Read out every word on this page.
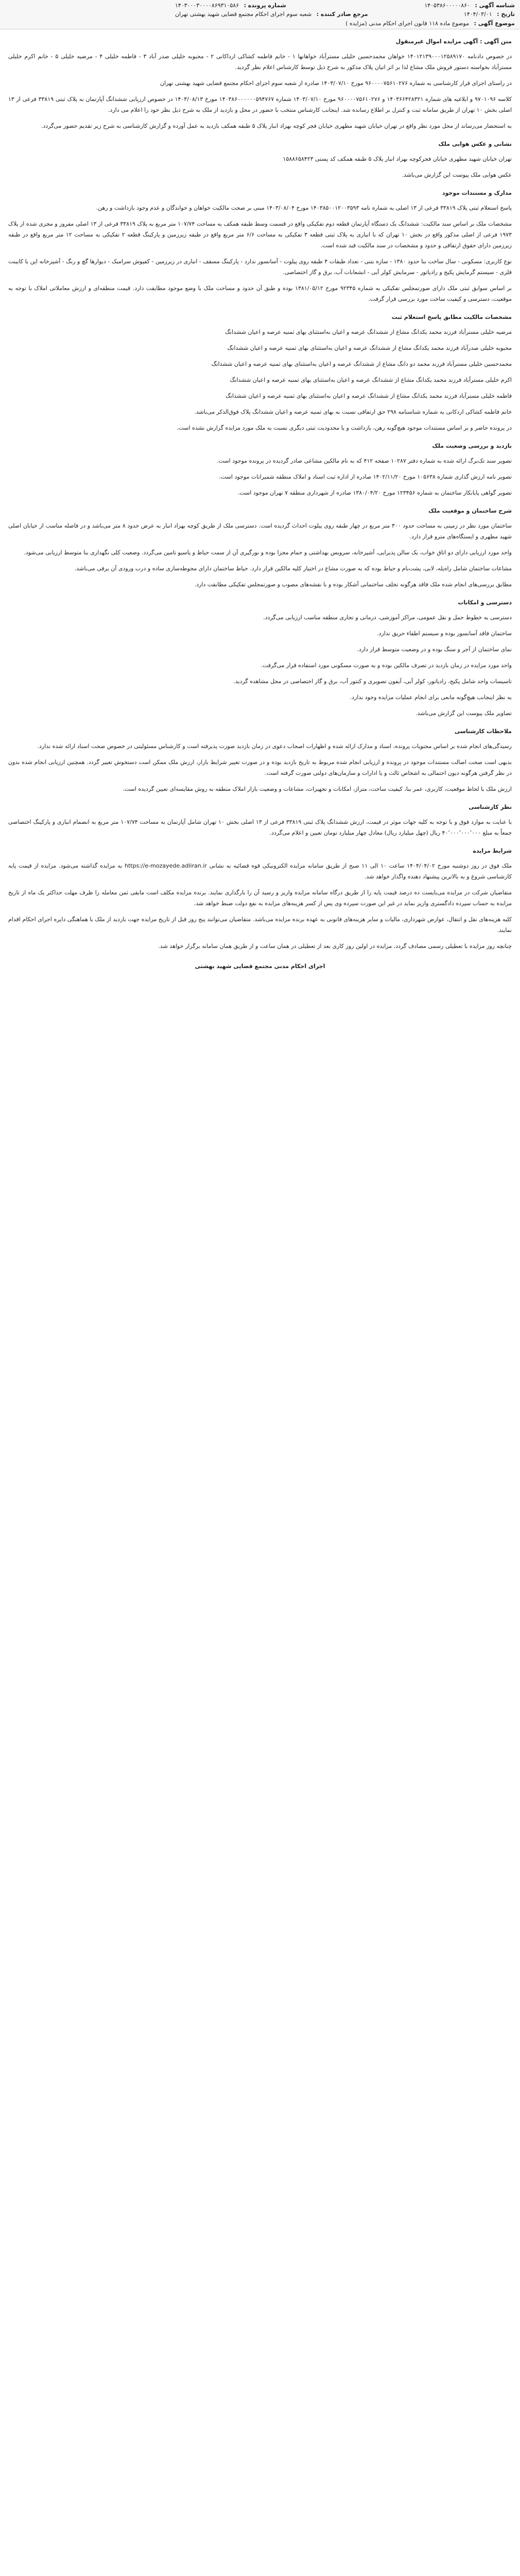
شناسه آگهی : ۱۴۰۵۳۸۶۰۰۰۰۰۸۶۰
شماره پرونده : ۱۴۰۳۰۰۰۳۰۰۰۰۸۶۹۳۱۰۵۸۶
تاریخ : ۱۴۰۴/۰۳/۰۱
مرجع صادر کننده : شعبه سوم اجرای احکام مجتمع قضایی شهید بهشتی تهران
موضوع آگهی : موضوع ماده ۱۱۸ قانون اجرای احکام مدنی (مزایده )
متن آگهی : آگهی مزایده اموال غیرمنقول

در خصوص دادنامه ۱۴۰۱۲۱۳۹۰۰۰۱۲۵۸۹۱۷۰ خواهان محمدحسین خلیلی مسترآباد خواهانها ۱ - خانم فاطمه کشاکی ارداکانی ۲ - محبوبه خلیلی صدر آباد ۳ - فاطمه خلیلی ۴ - مرضیه خلیلی ۵ - خانم اکرم خلیلی مسترآباد بخواسته دستور فروش ملک مشاع لذا بر اثر اتیان پلاک مذکور به شرح ذیل توسط کارشناس اعلام نظر گردید.

در راستای اجرای قرار کارشناسی به شماره ۹۶۰۰۰۰۷۵۶۱۰۲۷۶ مورخ ۱۴۰۳/۰۷/۱۰ صادره از شعبه سوم اجرای احکام مجتمع قضایی شهید بهشتی تهران

کلاسه ۹۷۰۱۰۹۶ و ابلاغیه های شماره ۱۴۰۳۶۶۴۲۸۳۲۱ و ۹۶۰۰۰۰۷۵۶۱۰۲۷۶ مورخ ۱۴۰۳/۰۷/۱۰ شماره ۱۴۰۳۸۶۰۰۰۰۰۰۵۹۴۷۶۷ مورخ ۱۴۰۳/۰۸/۱۳ در خصوص ارزیابی ششدانگ آپارتمان به پلاک ثبتی ۳۳۸۱۹ فرعی از ۱۳ اصلی بخش ۱۰ تهران از طریق سامانه ثبت و کنترل بر اطلاع رسانده شد. اینجانب کارشناس منتخب با حضور در محل و بازدید از ملک به شرح ذیل نظر خود را اعلام می دارد.

به استحضار می‌رساند از محل مورد نظر واقع در تهران خیابان شهید مطهری خیابان فجر کوچه بهزاد انبار پلاک ۵ طبقه همکف بازدید به عمل آورده و گزارش کارشناسی به شرح زیر تقدیم حضور می‌گردد.

نشانی و عکس هوایی ملک

تهران خیابان شهید مطهری خیابان فجرکوچه بهزاد انبار پلاک ۵ طبقه همکف کد پستی ۱۵۸۸۶۵۸۴۲۳

عکس هوایی ملک پیوست این گزارش می‌باشد.

مدارک و مستندات موجود

پاسخ استعلام ثبتی پلاک ۳۳۸۱۹ فرعی از ۱۳ اصلی به شماره نامه ۱۴۰۳۸۵۰۰۱۲۰۰۳۵۹۳ مورخ ۱۴۰۳/۰۸/۰۴ مبنی بر صحت مالکیت خواهان و خواندگان و عدم وجود بازداشت و رهن.

مشخصات ملک بر اساس سند مالکیت: ششدانگ یک دستگاه آپارتمان قطعه دوم تفکیکی واقع در قسمت وسط طبقه همکف به مساحت ۱۰۷/۷۴ متر مربع به پلاک ۳۳۸۱۹ فرعی از ۱۳ اصلی مفروز و مجزی شده از پلاک ۱۹۷۳ فرعی از اصلی مذکور واقع در بخش ۱۰ تهران که با انباری به پلاک ثبتی قطعه ۳ تفکیکی به مساحت ۶/۶ متر مربع واقع در طبقه زیرزمین و پارکینگ قطعه ۲ تفکیکی به مساحت ۱۲ متر مربع واقع در طبقه زیرزمین دارای حقوق ارتفاقی و حدود و مشخصات در سند مالکیت قید شده است.

نوع کاربری: مسکونی - سال ساخت بنا حدود ۱۳۸۰ - سازه بتنی - تعداد طبقات ۴ طبقه روی پیلوت - آسانسور ندارد - پارکینگ مسقف - انباری در زیرزمین - کفپوش سرامیک - دیوارها گچ و رنگ - آشپزخانه اپن با کابینت فلزی - سیستم گرمایش پکیج و رادیاتور - سرمایش کولر آبی - انشعابات آب، برق و گاز اختصاصی.

بر اساس سوابق ثبتی ملک دارای صورتمجلس تفکیکی به شماره ۹۲۳۴۵ مورخ ۱۳۸۱/۰۵/۱۲ بوده و طبق آن حدود و مساحت ملک با وضع موجود مطابقت دارد. قیمت منطقه‌ای و ارزش معاملاتی املاک با توجه به موقعیت، دسترسی و کیفیت ساخت مورد بررسی قرار گرفت.

مشخصات مالکیت مطابق پاسخ استعلام ثبت

مرضیه خلیلی مسترآباد فرزند محمد یکدانگ مشاع از ششدانگ عرصه و اعیان به‌استثنای بهای ثمنیه عرصه و اعیان ششدانگ

محبوبه خلیلی صدرآباد فرزند محمد یکدانگ مشاع از ششدانگ عرصه و اعیان به‌استثنای بهای ثمنیه عرصه و اعیان ششدانگ

محمدحسین خلیلی مسترآباد فرزند محمد دو دانگ مشاع از ششدانگ عرصه و اعیان به‌استثنای بهای ثمنیه عرصه و اعیان ششدانگ

اکرم خلیلی مسترآباد فرزند محمد یکدانگ مشاع از ششدانگ عرصه و اعیان به‌استثنای بهای ثمنیه عرصه و اعیان ششدانگ

فاطمه خلیلی مسترآباد فرزند محمد یکدانگ مشاع از ششدانگ عرصه و اعیان به‌استثنای بهای ثمنیه عرصه و اعیان ششدانگ

خانم فاطمه کشاکی اردکانی به شماره شناسنامه ۲۹۸ حق ارتفاقی نسبت به بهای ثمنیه عرصه و اعیان ششدانگ پلاک فوق‌الذکر می‌باشد.

در پرونده حاضر و بر اساس مستندات موجود هیچ‌گونه رهن، بازداشت و یا محدودیت ثبتی دیگری نسبت به ملک مورد مزایده گزارش نشده است.

بازدید و بررسی وضعیت ملک

تصویر سند تک‌برگ ارائه شده به شماره دفتر ۱۰۲۸۷ صفحه ۴۱۲ که به نام مالکین مشاعی صادر گردیده در پرونده موجود است.

تصویر نامه ارزش گذاری شماره ۱۰۵۶۳۸ مورخ ۱۴۰۲/۱۱/۲۰ صادره از اداره ثبت اسناد و املاک منطقه شمیرانات موجود است.

تصویر گواهی پایانکار ساختمان به شماره ۱۲۳۴۵۶ مورخ ۱۳۸۰/۰۴/۲۰ صادره از شهرداری منطقه ۷ تهران موجود است.

شرح ساختمان و موقعیت ملک

ساختمان مورد نظر در زمینی به مساحت حدود ۳۰۰ متر مربع در چهار طبقه روی پیلوت احداث گردیده است. دسترسی ملک از طریق کوچه بهزاد انبار به عرض حدود ۸ متر می‌باشد و در فاصله مناسب از خیابان اصلی شهید مطهری و ایستگاه‌های مترو قرار دارد.

واحد مورد ارزیابی دارای دو اتاق خواب، یک سالن پذیرایی، آشپزخانه، سرویس بهداشتی و حمام مجزا بوده و نورگیری آن از سمت حیاط و پاسیو تامین می‌گردد. وضعیت کلی نگهداری بنا متوسط ارزیابی می‌شود.

مشاعات ساختمان شامل راه‌پله، لابی، پشت‌بام و حیاط بوده که به صورت مشاع در اختیار کلیه مالکین قرار دارد. حیاط ساختمان دارای محوطه‌سازی ساده و درب ورودی آن برقی می‌باشد.

مطابق بررسی‌های انجام شده ملک فاقد هرگونه تخلف ساختمانی آشکار بوده و با نقشه‌های مصوب و صورتمجلس تفکیکی مطابقت دارد.

دسترسی و امکانات

دسترسی به خطوط حمل و نقل عمومی، مراکز آموزشی، درمانی و تجاری منطقه مناسب ارزیابی می‌گردد.

ساختمان فاقد آسانسور بوده و سیستم اطفاء حریق ندارد.

نمای ساختمان از آجر و سنگ بوده و در وضعیت متوسط قرار دارد.

واحد مورد مزایده در زمان بازدید در تصرف مالکین بوده و به صورت مسکونی مورد استفاده قرار می‌گرفت.

تاسیسات واحد شامل پکیج، رادیاتور، کولر آبی، آیفون تصویری و کنتور آب، برق و گاز اختصاصی در محل مشاهده گردید.

به نظر اینجانب هیچ‌گونه مانعی برای انجام عملیات مزایده وجود ندارد.

تصاویر ملک پیوست این گزارش می‌باشد.

ملاحظات کارشناسی

رسیدگی‌های انجام شده بر اساس محتویات پرونده، اسناد و مدارک ارائه شده و اظهارات اصحاب دعوی در زمان بازدید صورت پذیرفته است و کارشناس مسئولیتی در خصوص صحت اسناد ارائه شده ندارد.

بدیهی است صحت اصالت مستندات موجود در پرونده و ارزیابی انجام شده مربوط به تاریخ بازدید بوده و در صورت تغییر شرایط بازار، ارزش ملک ممکن است دستخوش تغییر گردد. همچنین ارزیابی انجام شده بدون در نظر گرفتن هرگونه دیون احتمالی به اشخاص ثالث و یا ادارات و سازمان‌های دولتی صورت گرفته است.

ارزش ملک با لحاظ موقعیت، کاربری، عمر بنا، کیفیت ساخت، متراژ، امکانات و تجهیزات، مشاعات و وضعیت بازار املاک منطقه به روش مقایسه‌ای تعیین گردیده است.

نظر کارشناسی

با عنایت به موارد فوق و با توجه به کلیه جهات موثر در قیمت، ارزش ششدانگ پلاک ثبتی ۳۳۸۱۹ فرعی از ۱۳ اصلی بخش ۱۰ تهران شامل آپارتمان به مساحت ۱۰۷/۷۴ متر مربع به انضمام انباری و پارکینگ اختصاصی جمعاً به مبلغ ۴۰٬۰۰۰٬۰۰۰٬۰۰۰ ریال (چهل میلیارد ریال) معادل چهار میلیارد تومان تعیین و اعلام می‌گردد.

شرایط مزایده

ملک فوق در روز دوشنبه مورخ ۱۴۰۴/۰۴/۰۲ ساعت ۱۰ الی ۱۱ صبح از طریق سامانه مزایده الکترونیکی قوه قضائیه به نشانی https://e-mozayede.adliran.ir به مزایده گذاشته می‌شود. مزایده از قیمت پایه کارشناسی شروع و به بالاترین پیشنهاد دهنده واگذار خواهد شد.

متقاضیان شرکت در مزایده می‌بایست ده درصد قیمت پایه را از طریق درگاه سامانه مزایده واریز و رسید آن را بارگذاری نمایند. برنده مزایده مکلف است مابقی ثمن معامله را ظرف مهلت حداکثر یک ماه از تاریخ مزایده به حساب سپرده دادگستری واریز نماید در غیر این صورت سپرده وی پس از کسر هزینه‌های مزایده به نفع دولت ضبط خواهد شد.

کلیه هزینه‌های نقل و انتقال، عوارض شهرداری، مالیات و سایر هزینه‌های قانونی به عهده برنده مزایده می‌باشد. متقاضیان می‌توانند پنج روز قبل از تاریخ مزایده جهت بازدید از ملک با هماهنگی دایره اجرای احکام اقدام نمایند.

چنانچه روز مزایده با تعطیلی رسمی مصادف گردد، مزایده در اولین روز کاری بعد از تعطیلی در همان ساعت و از طریق همان سامانه برگزار خواهد شد.

اجرای احکام مدنی مجتمع قضایی شهید بهشتی
